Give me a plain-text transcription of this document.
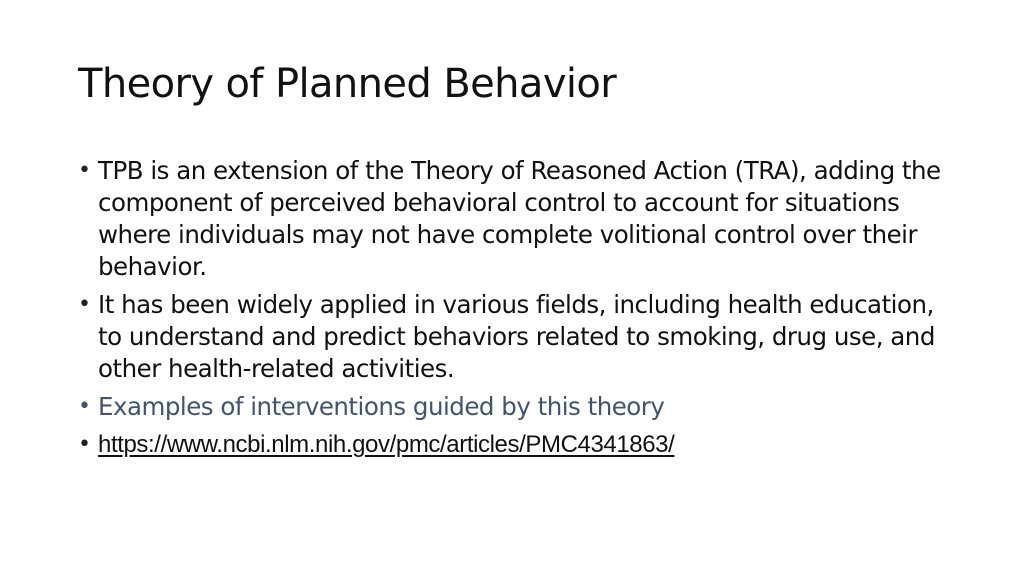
Theory of Planned Behavior
• TPB is an extension of the Theory of Reasoned Action (TRA), adding the component of perceived behavioral control to account for situations where individuals may not have complete volitional control over their behavior.
• It has been widely applied in various fields, including health education, to understand and predict behaviors related to smoking, drug use, and other health-related activities.
• Examples of interventions guided by this theory
• https://www.ncbi.nlm.nih.gov/pmc/articles/PMC4341863/
